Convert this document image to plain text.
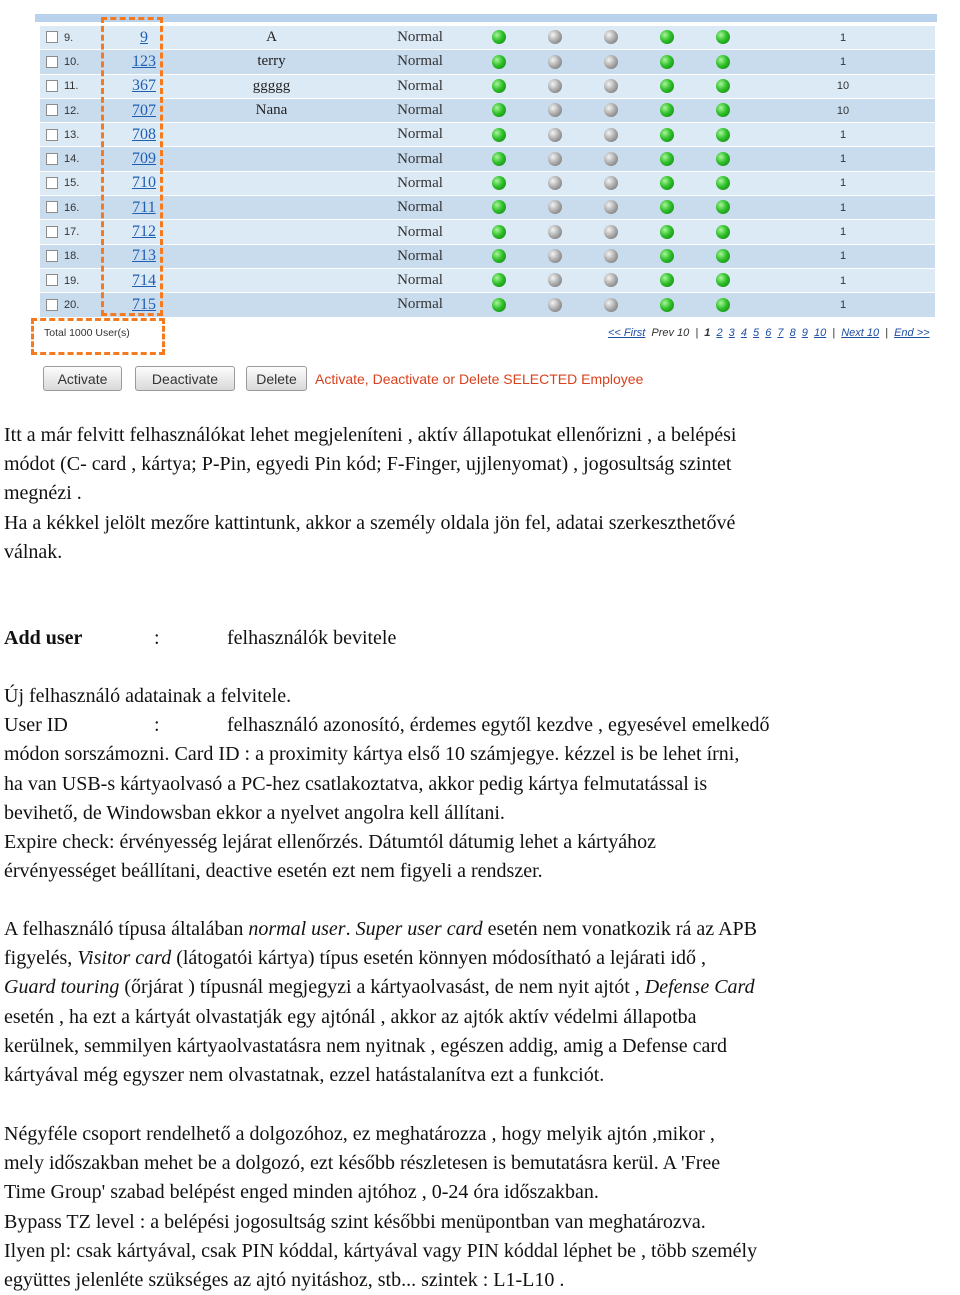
	9.	9	A	Normal						1
	10.	123	terry	Normal						1
	11.	367	ggggg	Normal						10
	12.	707	Nana	Normal						10
	13.	708		Normal						1
	14.	709		Normal						1
	15.	710		Normal						1
	16.	711		Normal						1
	17.	712		Normal						1
	18.	713		Normal						1
	19.	714		Normal						1
	20.	715		Normal						1
Total 1000 User(s)	<< First Prev 10 | 1 2 3 4 5 6 7 8 9 10 | Next 10 | End >>
Activate	Deactivate	Delete	Activate, Deactivate or Delete SELECTED Employee
Itt a már felvitt felhasználókat lehet megjeleníteni , aktív állapotukat ellenőrizni , a belépési
módot (C- card , kártya; P-Pin, egyedi Pin kód; F-Finger, ujjlenyomat) , jogosultság szintet
megnézi .
Ha a kékkel jelölt mezőre kattintunk, akkor a személy oldala jön fel, adatai szerkeszthetővé
válnak.
Add user	:	felhasználók bevitele
Új felhasználó adatainak a felvitele.
User ID	:	felhasználó azonosító, érdemes egytől kezdve , egyesével emelkedő
módon sorszámozni. Card ID : a proximity kártya első 10 számjegye. kézzel is be lehet írni,
ha van USB-s kártyaolvasó a PC-hez csatlakoztatva, akkor pedig kártya felmutatással is
bevihető, de Windowsban ekkor a nyelvet angolra kell állítani.
Expire check: érvényesség lejárat ellenőrzés. Dátumtól dátumig lehet a kártyához
érvényességet beállítani, deactive esetén ezt nem figyeli a rendszer.
A felhasználó típusa általában normal user. Super user card esetén nem vonatkozik rá az APB
figyelés, Visitor card (látogatói kártya) típus esetén könnyen módosítható a lejárati idő ,
Guard touring (őrjárat ) típusnál megjegyzi a kártyaolvasást, de nem nyit ajtót , Defense Card
esetén , ha ezt a kártyát olvastatják egy ajtónál , akkor az ajtók aktív védelmi állapotba
kerülnek, semmilyen kártyaolvastatásra nem nyitnak , egészen addig, amig a Defense card
kártyával még egyszer nem olvastatnak, ezzel hatástalanítva ezt a funkciót.
Négyféle csoport rendelhető a dolgozóhoz, ez meghatározza , hogy melyik ajtón ,mikor ,
mely időszakban mehet be a dolgozó, ezt később részletesen is bemutatásra kerül. A 'Free
Time Group' szabad belépést enged minden ajtóhoz , 0-24 óra időszakban.
Bypass TZ level : a belépési jogosultság szint későbbi menüpontban van meghatározva.
Ilyen pl: csak kártyával, csak PIN kóddal, kártyával vagy PIN kóddal léphet be , több személy
együttes jelenléte szükséges az ajtó nyitáshoz, stb... szintek : L1-L10 .
